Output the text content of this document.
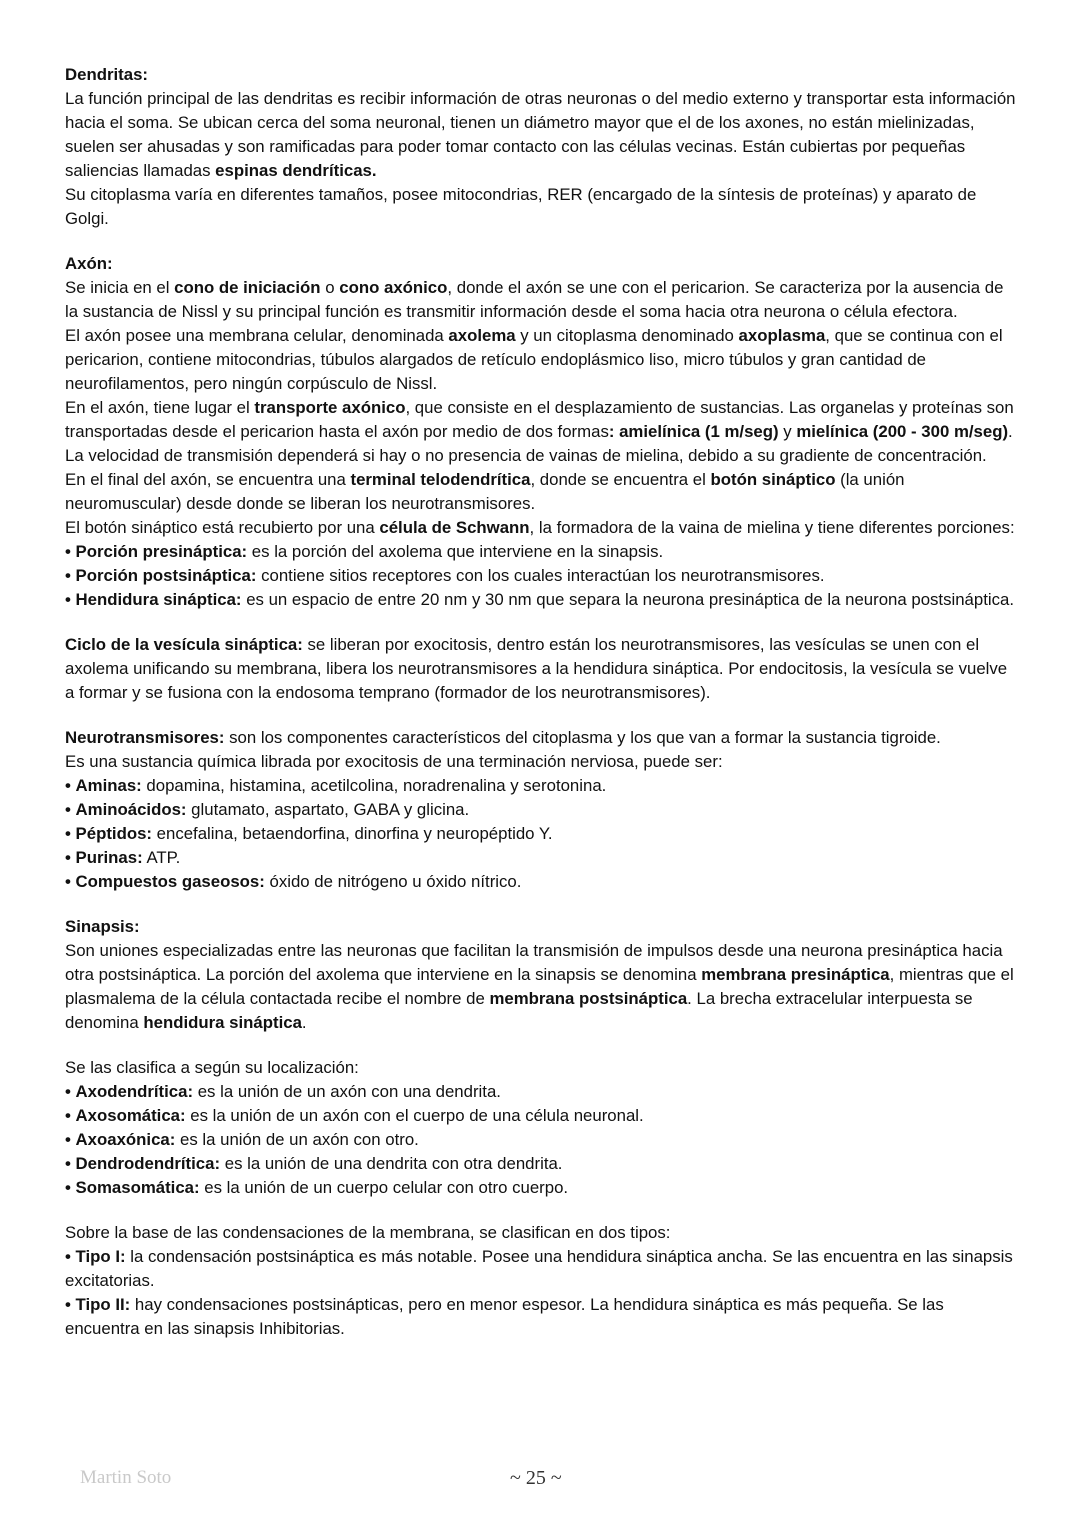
Dendritas:

La función principal de las dendritas es recibir información de otras neuronas o del medio externo y transportar esta información hacia el soma. Se ubican cerca del soma neuronal, tienen un diámetro mayor que el de los axones, no están mielinizadas, suelen ser ahusadas y son ramificadas para poder tomar contacto con las células vecinas. Están cubiertas por pequeñas saliencias llamadas espinas dendríticas.

Su citoplasma varía en diferentes tamaños, posee mitocondrias, RER (encargado de la síntesis de proteínas) y aparato de Golgi.

Axón:

Se inicia en el cono de iniciación o cono axónico, donde el axón se une con el pericarion. Se caracteriza por la ausencia de la sustancia de Nissl y su principal función es transmitir información desde el soma hacia otra neurona o célula efectora.

El axón posee una membrana celular, denominada axolema y un citoplasma denominado axoplasma, que se continua con el pericarion, contiene mitocondrias, túbulos alargados de retículo endoplásmico liso, micro túbulos y gran cantidad de neurofilamentos, pero ningún corpúsculo de Nissl.

En el axón, tiene lugar el transporte axónico, que consiste en el desplazamiento de sustancias. Las organelas y proteínas son transportadas desde el pericarion hasta el axón por medio de dos formas: amielínica (1 m/seg) y mielínica (200 - 300 m/seg). La velocidad de transmisión dependerá si hay o no presencia de vainas de mielina, debido a su gradiente de concentración.

En el final del axón, se encuentra una terminal telodendrítica, donde se encuentra el botón sináptico (la unión neuromuscular) desde donde se liberan los neurotransmisores.

El botón sináptico está recubierto por una célula de Schwann, la formadora de la vaina de mielina y tiene diferentes porciones:

• Porción presináptica: es la porción del axolema que interviene en la sinapsis.

• Porción postsináptica: contiene sitios receptores con los cuales interactúan los neurotransmisores.

• Hendidura sináptica: es un espacio de entre 20 nm y 30 nm que separa la neurona presináptica de la neurona postsináptica.

Ciclo de la vesícula sináptica: se liberan por exocitosis, dentro están los neurotransmisores, las vesículas se unen con el axolema unificando su membrana, libera los neurotransmisores a la hendidura sináptica. Por endocitosis, la vesícula se vuelve a formar y se fusiona con la endosoma temprano (formador de los neurotransmisores).

Neurotransmisores: son los componentes característicos del citoplasma y los que van a formar la sustancia tigroide.

Es una sustancia química librada por exocitosis de una terminación nerviosa, puede ser:

• Aminas: dopamina, histamina, acetilcolina, noradrenalina y serotonina.

• Aminoácidos: glutamato, aspartato, GABA y glicina.

• Péptidos: encefalina, betaendorfina, dinorfina y neuropéptido Y.

• Purinas: ATP.

• Compuestos gaseosos: óxido de nitrógeno u óxido nítrico.

Sinapsis:

Son uniones especializadas entre las neuronas que facilitan la transmisión de impulsos desde una neurona presináptica hacia otra postsináptica. La porción del axolema que interviene en la sinapsis se denomina membrana presináptica, mientras que el plasmalema de la célula contactada recibe el nombre de membrana postsináptica. La brecha extracelular interpuesta se denomina hendidura sináptica.

Se las clasifica a según su localización:

• Axodendrítica: es la unión de un axón con una dendrita.

• Axosomática: es la unión de un axón con el cuerpo de una célula neuronal.

• Axoaxónica: es la unión de un axón con otro.

• Dendrodendrítica: es la unión de una dendrita con otra dendrita.

• Somasomática: es la unión de un cuerpo celular con otro cuerpo.

Sobre la base de las condensaciones de la membrana, se clasifican en dos tipos:

• Tipo I: la condensación postsináptica es más notable. Posee una hendidura sináptica ancha. Se las encuentra en las sinapsis excitatorias.

• Tipo II: hay condensaciones postsinápticas, pero en menor espesor. La hendidura sináptica es más pequeña. Se las encuentra en las sinapsis Inhibitorias.

Martin Soto	~ 25 ~
